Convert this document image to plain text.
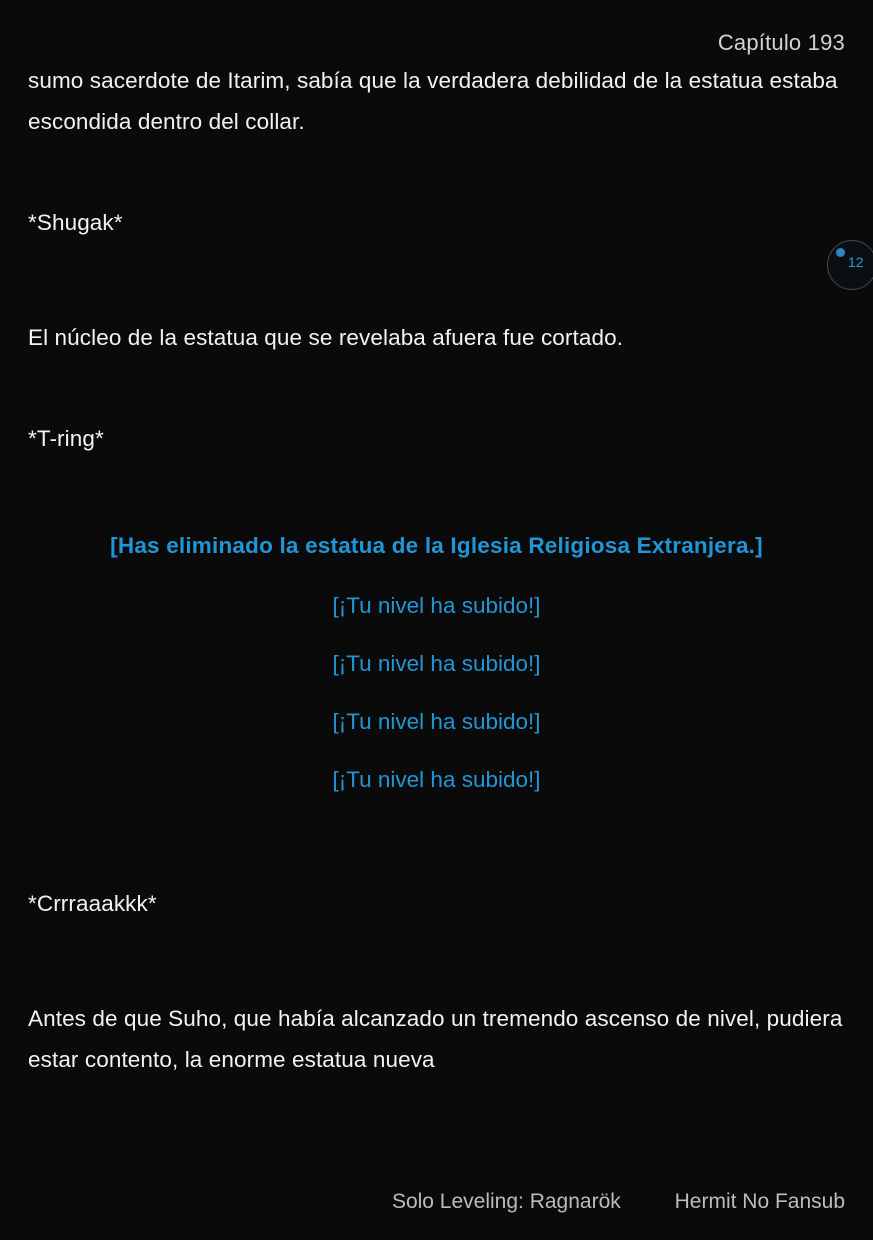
Capítulo 193

sumo sacerdote de Itarim, sabía que la verdadera debilidad de la estatua estaba escondida dentro del collar.

*Shugak*

El núcleo de la estatua que se revelaba afuera fue cortado.

*T-ring*

[Has eliminado la estatua de la Iglesia Religiosa Extranjera.]

[¡Tu nivel ha subido!]

[¡Tu nivel ha subido!]

[¡Tu nivel ha subido!]

[¡Tu nivel ha subido!]

*Crrraaakkk*

Antes de que Suho, que había alcanzado un tremendo ascenso de nivel, pudiera estar contento, la enorme estatua nueva

12
Solo Leveling: Ragnarök	Hermit No Fansub
